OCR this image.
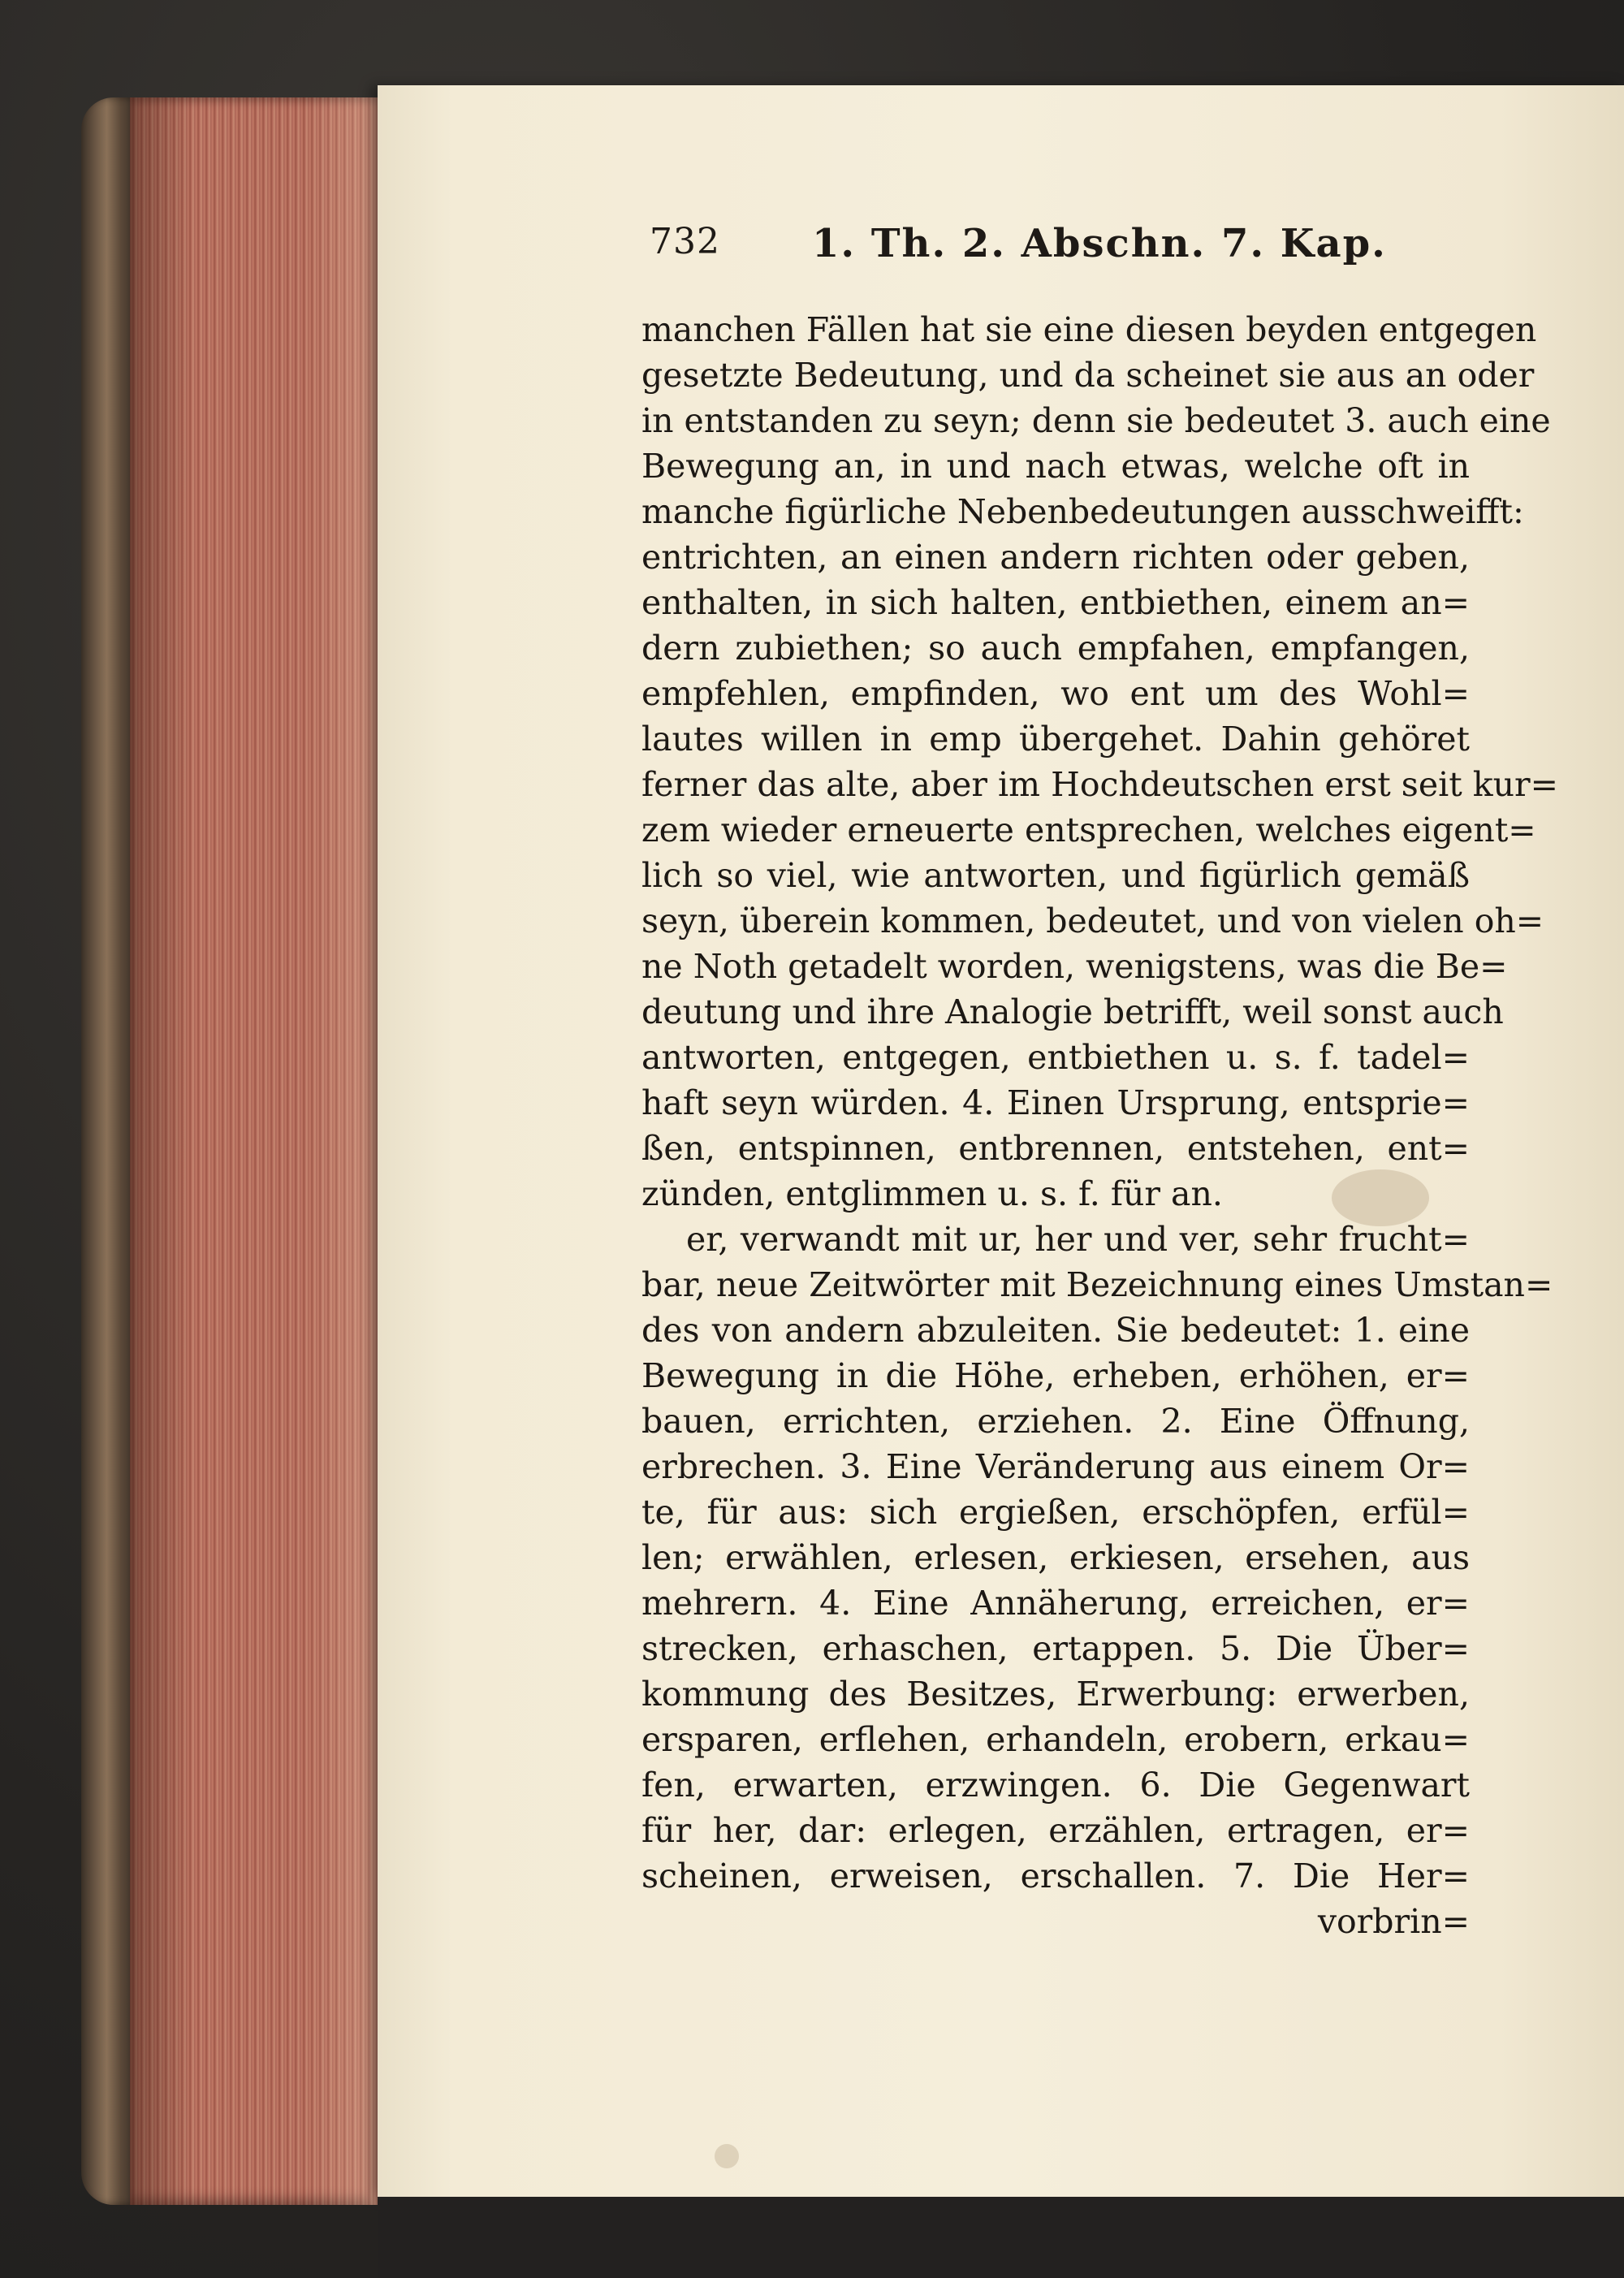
732 1. Th. 2. Abschn. 7. Kap.
manchen Fällen hat sie eine diesen beyden entgegen
gesetzte Bedeutung, und da scheinet sie aus an oder
in entstanden zu seyn; denn sie bedeutet 3. auch eine
Bewegung an, in und nach etwas, welche oft in
manche figürliche Nebenbedeutungen ausschweifft:
entrichten, an einen andern richten oder geben,
enthalten, in sich halten, entbiethen, einem an=
dern zubiethen; so auch empfahen, empfangen,
empfehlen, empfinden, wo ent um des Wohl=
lautes willen in emp übergehet. Dahin gehöret
ferner das alte, aber im Hochdeutschen erst seit kur=
zem wieder erneuerte entsprechen, welches eigent=
lich so viel, wie antworten, und figürlich gemäß
seyn, überein kommen, bedeutet, und von vielen oh=
ne Noth getadelt worden, wenigstens, was die Be=
deutung und ihre Analogie betrifft, weil sonst auch
antworten, entgegen, entbiethen u. s. f. tadel=
haft seyn würden. 4. Einen Ursprung, entsprie=
ßen, entspinnen, entbrennen, entstehen, ent=
zünden, entglimmen u. s. f. für an.
er, verwandt mit ur, her und ver, sehr frucht=
bar, neue Zeitwörter mit Bezeichnung eines Umstan=
des von andern abzuleiten. Sie bedeutet: 1. eine
Bewegung in die Höhe, erheben, erhöhen, er=
bauen, errichten, erziehen. 2. Eine Öffnung,
erbrechen. 3. Eine Veränderung aus einem Or=
te, für aus: sich ergießen, erschöpfen, erfül=
len; erwählen, erlesen, erkiesen, ersehen, aus
mehrern. 4. Eine Annäherung, erreichen, er=
strecken, erhaschen, ertappen. 5. Die Über=
kommung des Besitzes, Erwerbung: erwerben,
ersparen, erflehen, erhandeln, erobern, erkau=
fen, erwarten, erzwingen. 6. Die Gegenwart
für her, dar: erlegen, erzählen, ertragen, er=
scheinen, erweisen, erschallen. 7. Die Her=
vorbrin=
